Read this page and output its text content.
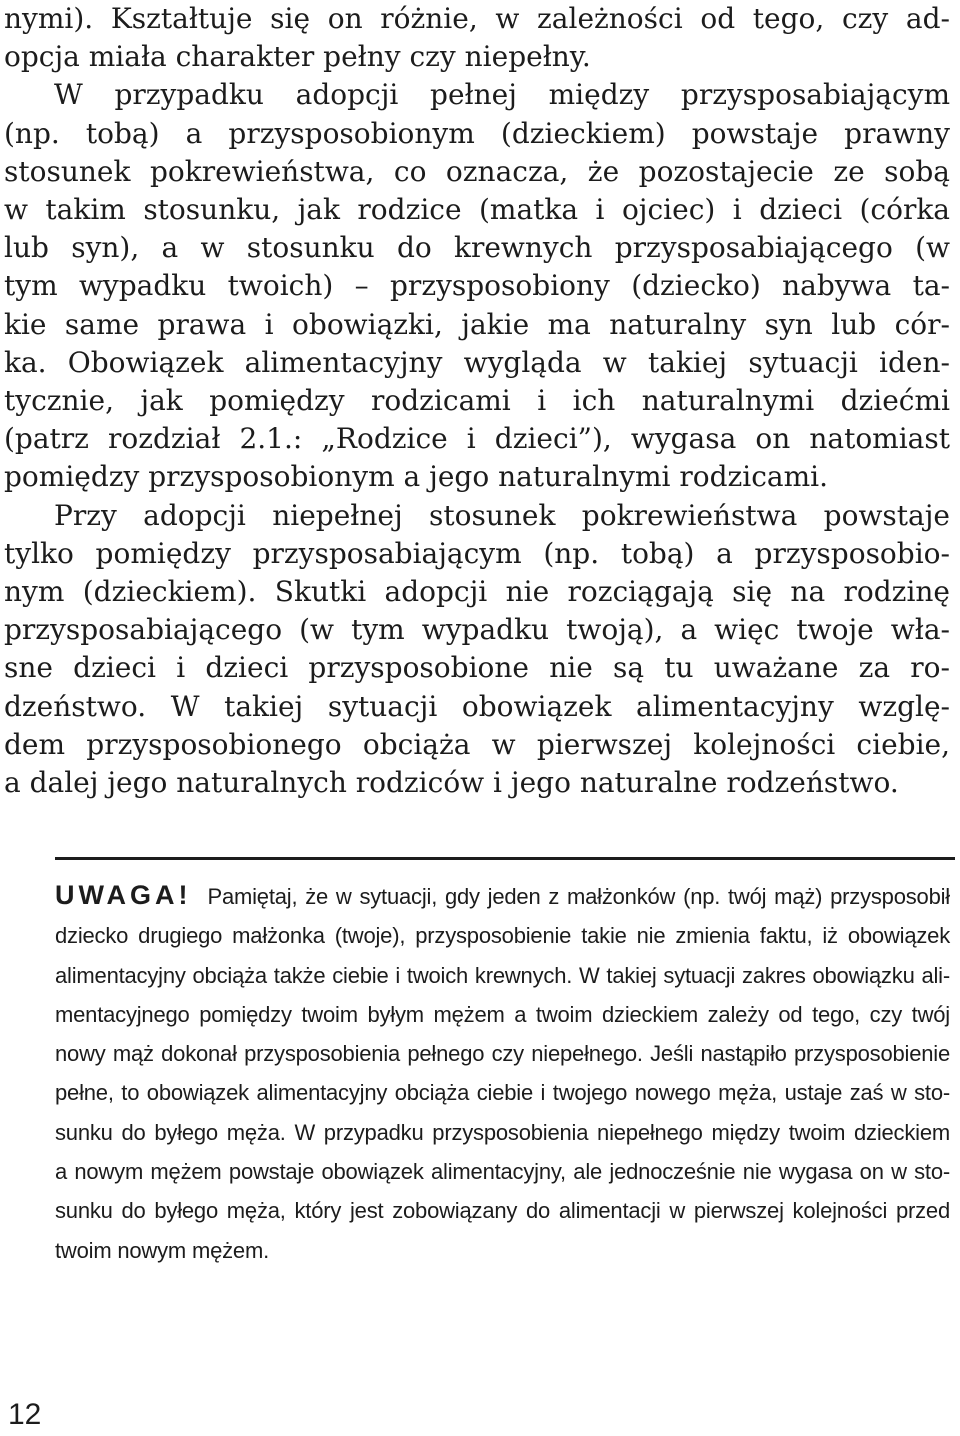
nymi). Kształtuje się on różnie, w zależności od tego, czy ad-
opcja miała charakter pełny czy niepełny.
W przypadku adopcji pełnej między przysposabiającym
(np. tobą) a przysposobionym (dzieckiem) powstaje prawny
stosunek pokrewieństwa, co oznacza, że pozostajecie ze sobą
w takim stosunku, jak rodzice (matka i ojciec) i dzieci (córka
lub syn), a w stosunku do krewnych przysposabiającego (w
tym wypadku twoich) – przysposobiony (dziecko) nabywa ta-
kie same prawa i obowiązki, jakie ma naturalny syn lub cór-
ka. Obowiązek alimentacyjny wygląda w takiej sytuacji iden-
tycznie, jak pomiędzy rodzicami i ich naturalnymi dziećmi
(patrz rozdział 2.1.: „Rodzice i dzieci”), wygasa on natomiast
pomiędzy przysposobionym a jego naturalnymi rodzicami.
Przy adopcji niepełnej stosunek pokrewieństwa powstaje
tylko pomiędzy przysposabiającym (np. tobą) a przysposobio-
nym (dzieckiem). Skutki adopcji nie rozciągają się na rodzinę
przysposabiającego (w tym wypadku twoją), a więc twoje wła-
sne dzieci i dzieci przysposobione nie są tu uważane za ro-
dzeństwo. W takiej sytuacji obowiązek alimentacyjny wzglę-
dem przysposobionego obciąża w pierwszej kolejności ciebie,
a dalej jego naturalnych rodziców i jego naturalne rodzeństwo.
UWAGA! Pamiętaj, że w sytuacji, gdy jeden z małżonków (np. twój mąż) przysposobił
dziecko drugiego małżonka (twoje), przysposobienie takie nie zmienia faktu, iż obowiązek
alimentacyjny obciąża także ciebie i twoich krewnych. W takiej sytuacji zakres obowiązku ali-
mentacyjnego pomiędzy twoim byłym mężem a twoim dzieckiem zależy od tego, czy twój
nowy mąż dokonał przysposobienia pełnego czy niepełnego. Jeśli nastąpiło przysposobienie
pełne, to obowiązek alimentacyjny obciąża ciebie i twojego nowego męża, ustaje zaś w sto-
sunku do byłego męża. W przypadku przysposobienia niepełnego między twoim dzieckiem
a nowym mężem powstaje obowiązek alimentacyjny, ale jednocześnie nie wygasa on w sto-
sunku do byłego męża, który jest zobowiązany do alimentacji w pierwszej kolejności przed
twoim nowym mężem.
12
